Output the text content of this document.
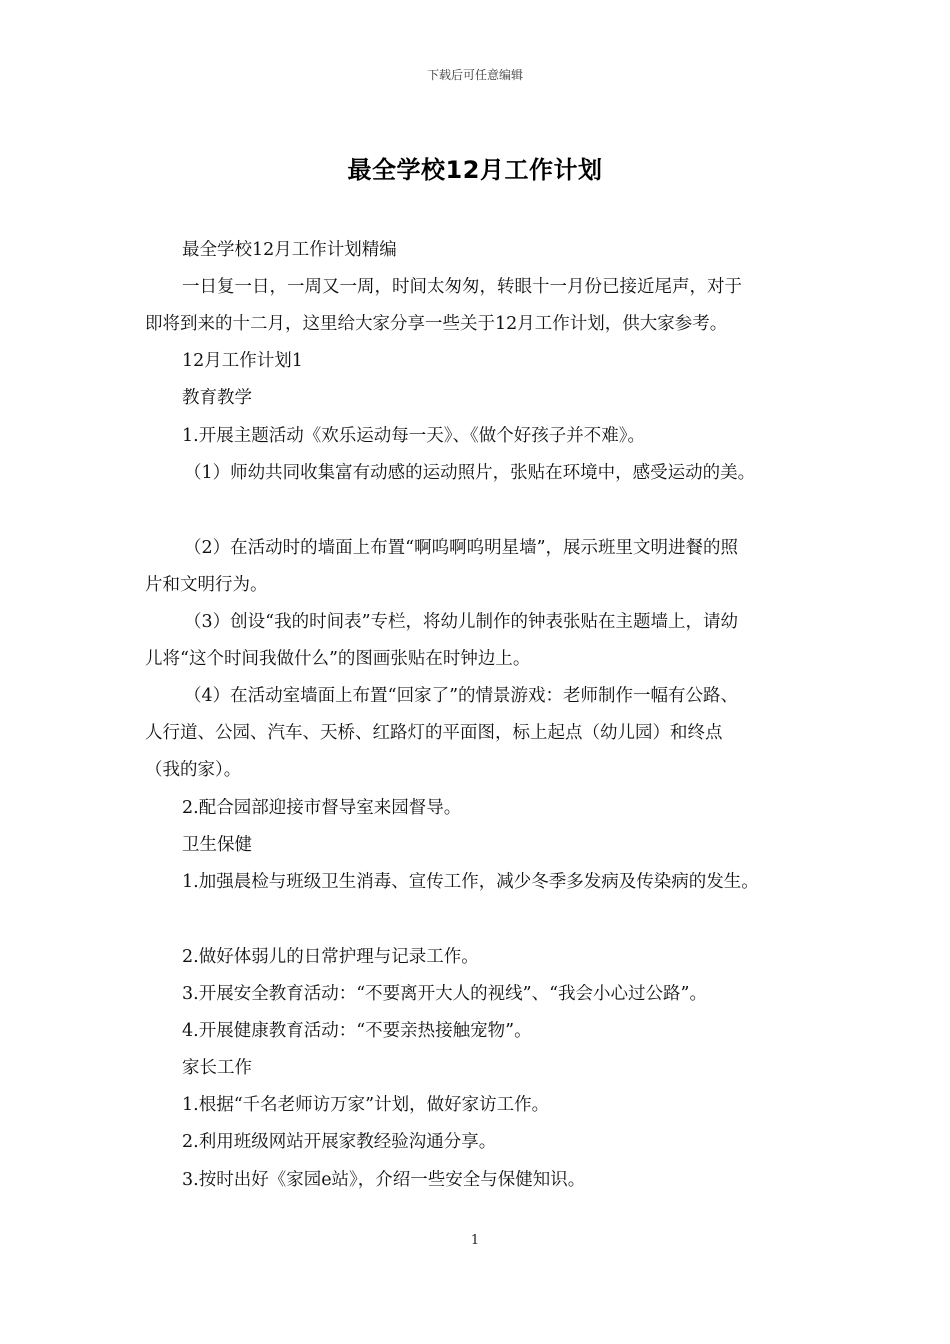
下载后可任意编辑
最全学校12月工作计划
最全学校12月工作计划精编
一日复一日，一周又一周，时间太匆匆，转眼十一月份已接近尾声，对于
即将到来的十二月，这里给大家分享一些关于12月工作计划，供大家参考。
12月工作计划1
教育教学
1.开展主题活动《欢乐运动每一天》、《做个好孩子并不难》。
（1）师幼共同收集富有动感的运动照片，张贴在环境中，感受运动的美。
（2）在活动时的墙面上布置“啊呜啊呜明星墙”，展示班里文明进餐的照
片和文明行为。
（3）创设“我的时间表”专栏，将幼儿制作的钟表张贴在主题墙上，请幼
儿将“这个时间我做什么”的图画张贴在时钟边上。
（4）在活动室墙面上布置“回家了”的情景游戏：老师制作一幅有公路、
人行道、公园、汽车、天桥、红路灯的平面图，标上起点（幼儿园）和终点
（我的家）。
2.配合园部迎接市督导室来园督导。
卫生保健
1.加强晨检与班级卫生消毒、宣传工作，减少冬季多发病及传染病的发生。
2.做好体弱儿的日常护理与记录工作。
3.开展安全教育活动：“不要离开大人的视线”、“我会小心过公路”。
4.开展健康教育活动：“不要亲热接触宠物”。
家长工作
1.根据“千名老师访万家”计划，做好家访工作。
2.利用班级网站开展家教经验沟通分享。
3.按时出好《家园e站》，介绍一些安全与保健知识。
1
